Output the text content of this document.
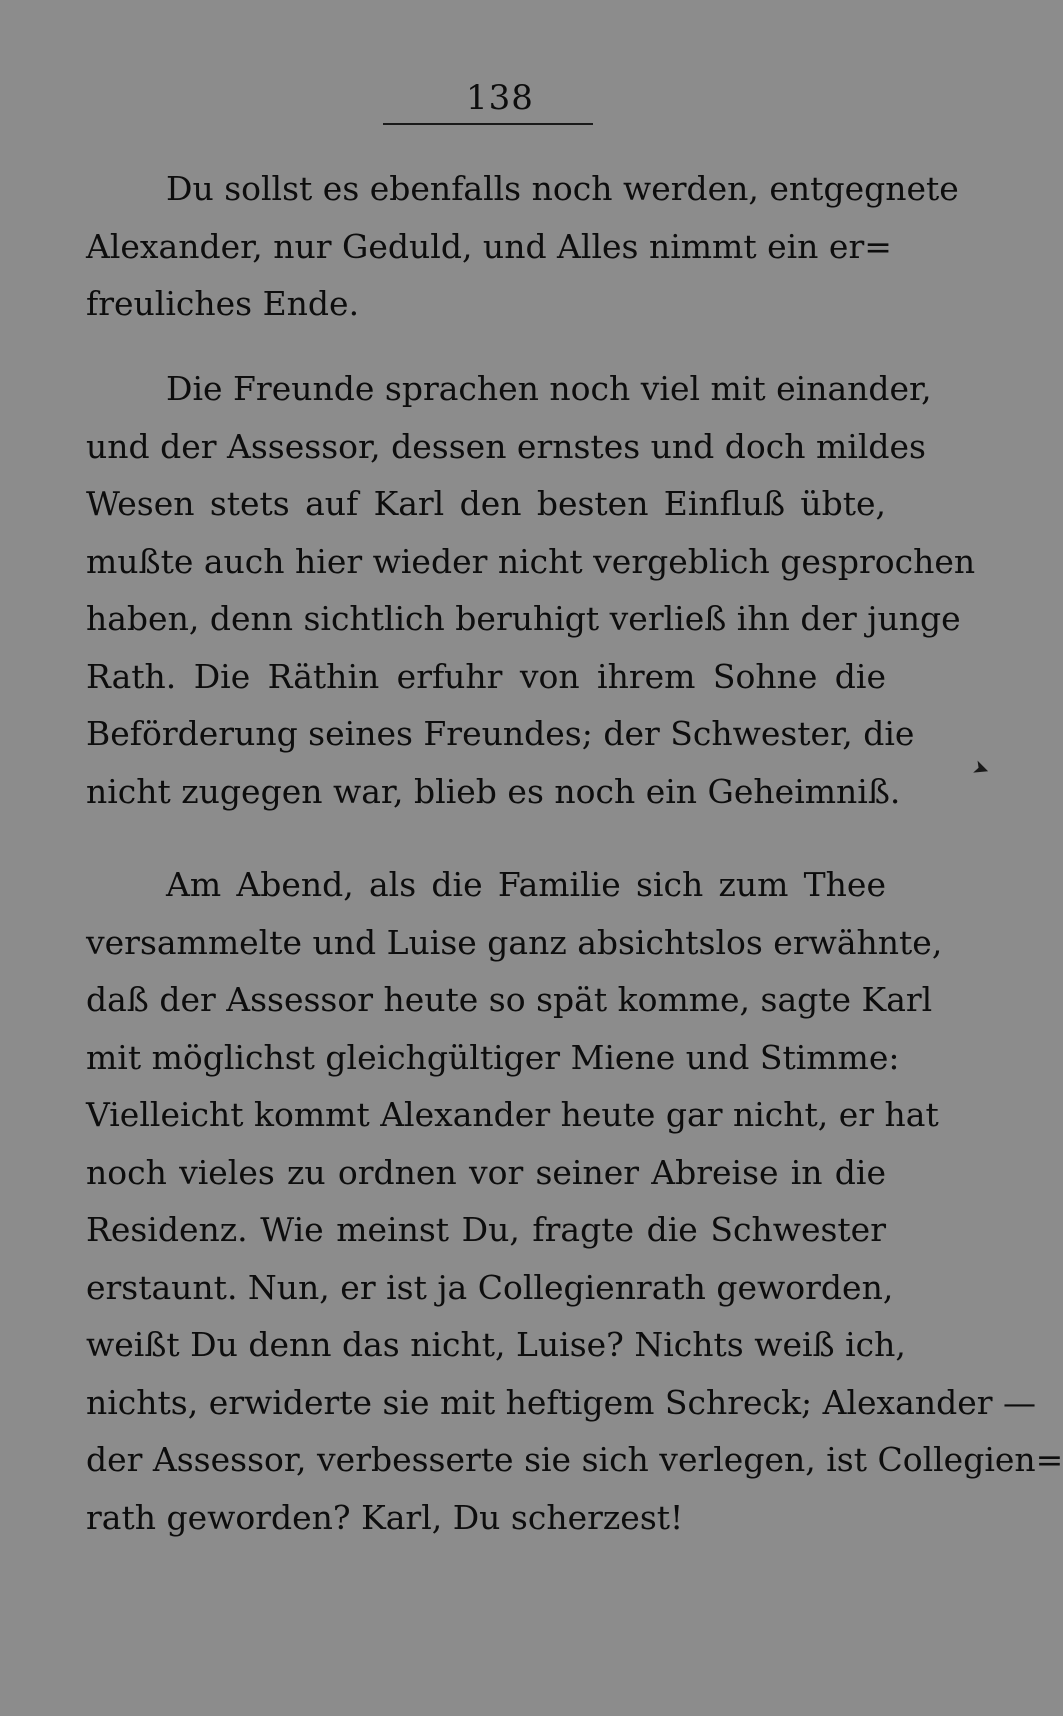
138
Du sollst es ebenfalls noch werden, entgegnete
Alexander, nur Geduld, und Alles nimmt ein er=
freuliches Ende.
Die Freunde sprachen noch viel mit einander,
und der Assessor, dessen ernstes und doch mildes
Wesen stets auf Karl den besten Einfluß übte,
mußte auch hier wieder nicht vergeblich gesprochen
haben, denn sichtlich beruhigt verließ ihn der junge
Rath. Die Räthin erfuhr von ihrem Sohne die
Beförderung seines Freundes; der Schwester, die
nicht zugegen war, blieb es noch ein Geheimniß.
Am Abend, als die Familie sich zum Thee
versammelte und Luise ganz absichtslos erwähnte,
daß der Assessor heute so spät komme, sagte Karl
mit möglichst gleichgültiger Miene und Stimme:
Vielleicht kommt Alexander heute gar nicht, er hat
noch vieles zu ordnen vor seiner Abreise in die
Residenz. Wie meinst Du, fragte die Schwester
erstaunt. Nun, er ist ja Collegienrath geworden,
weißt Du denn das nicht, Luise? Nichts weiß ich,
nichts, erwiderte sie mit heftigem Schreck; Alexander —
der Assessor, verbesserte sie sich verlegen, ist Collegien=
rath geworden? Karl, Du scherzest!
➤
